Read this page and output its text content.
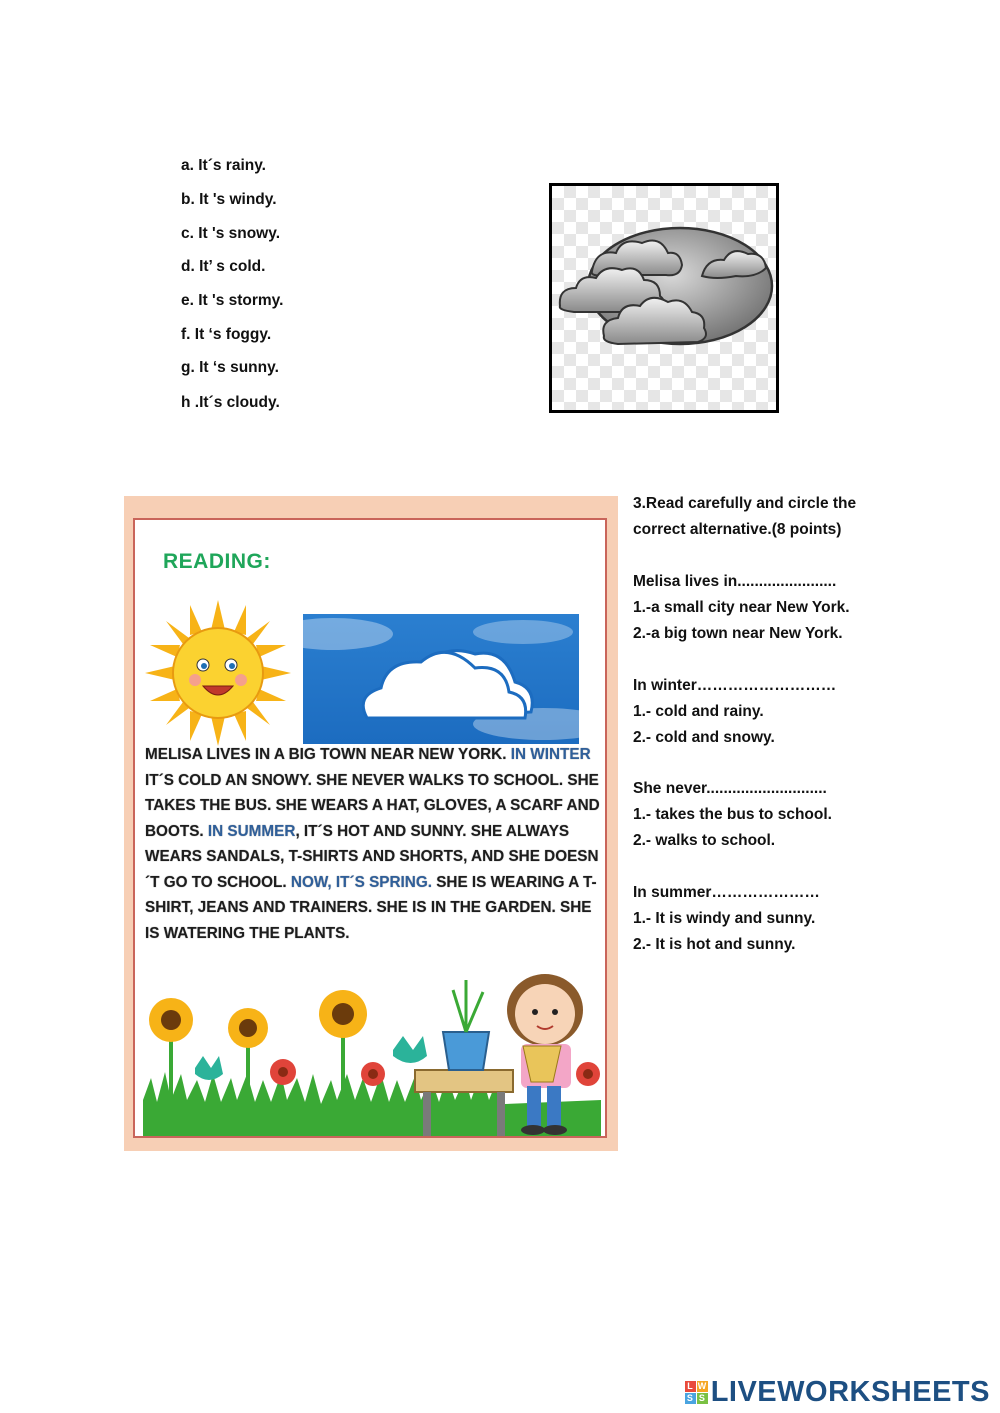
a. It´s rainy.
b. It 's windy.
c. It 's snowy.
d. It’ s cold.
e. It 's stormy.
f. It ‘s foggy.
g. It ‘s sunny.
h .It´s cloudy.
READING:
MELISA LIVES IN A BIG TOWN NEAR NEW YORK. IN WINTER IT´S COLD AN SNOWY. SHE NEVER WALKS TO SCHOOL. SHE TAKES THE BUS. SHE WEARS A HAT, GLOVES, A SCARF AND BOOTS. IN SUMMER, IT´S HOT AND SUNNY. SHE ALWAYS WEARS SANDALS, T-SHIRTS AND SHORTS, AND SHE DOESN´T GO TO SCHOOL. NOW, IT´S SPRING. SHE IS WEARING A T-SHIRT, JEANS AND TRAINERS. SHE IS IN THE GARDEN. SHE IS WATERING THE PLANTS.
3.Read carefully and circle the
correct alternative.(8 points)
Melisa lives in.......................
1.-a small city near New York.
2.-a big town near New York.
In winter………………………
1.- cold and rainy.
2.- cold and snowy.
She never............................
1.- takes the bus to school.
2.- walks to school.
In summer…………………
1.- It is windy and sunny.
2.- It is hot and sunny.
L W
S S LIVEWORKSHEETS
